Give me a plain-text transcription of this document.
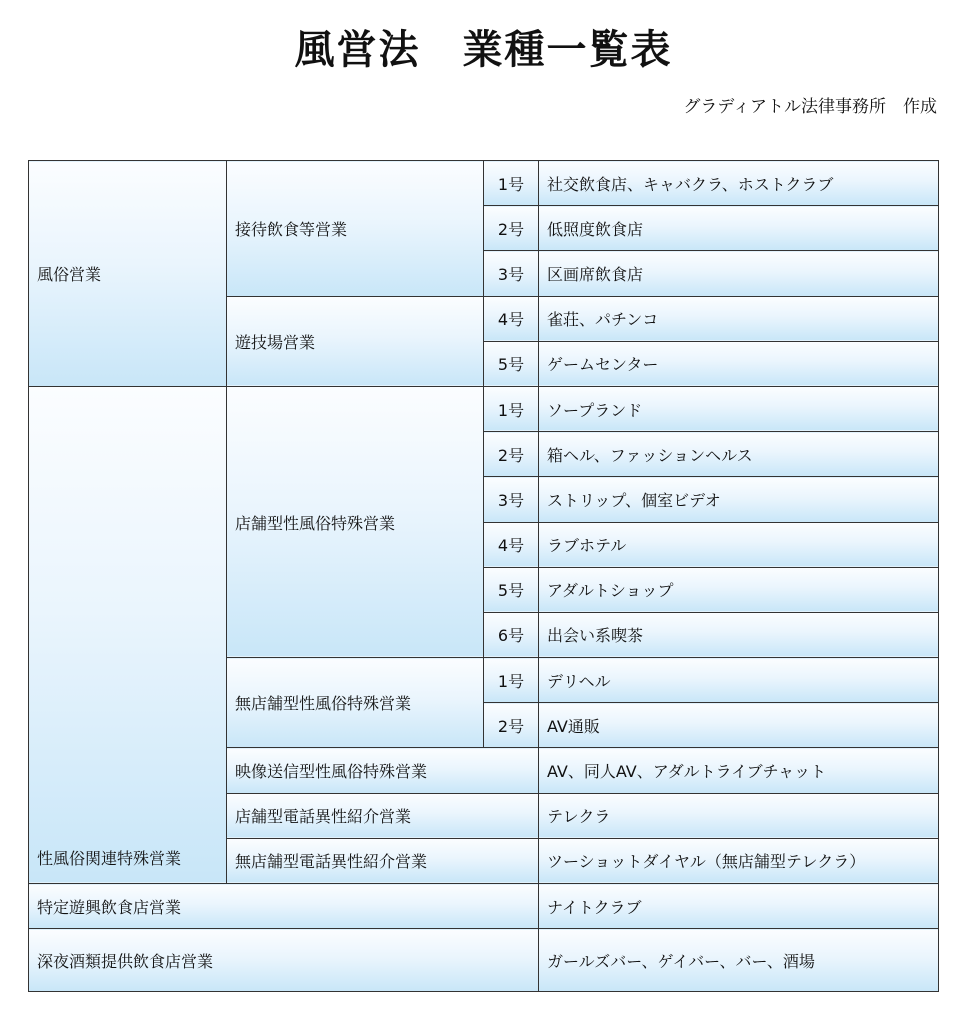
風営法　業種一覧表

グラディアトル法律事務所　作成

風俗営業	接待飲食等営業	1号	社交飲食店、キャバクラ、ホストクラブ
		2号	低照度飲食店
		3号	区画席飲食店
	遊技場営業	4号	雀荘、パチンコ
		5号	ゲームセンター
性風俗関連特殊営業	店舗型性風俗特殊営業	1号	ソープランド
		2号	箱ヘル、ファッションヘルス
		3号	ストリップ、個室ビデオ
		4号	ラブホテル
		5号	アダルトショップ
		6号	出会い系喫茶
	無店舗型性風俗特殊営業	1号	デリヘル
		2号	AV通販
	映像送信型性風俗特殊営業		AV、同人AV、アダルトライブチャット
	店舗型電話異性紹介営業		テレクラ
	無店舗型電話異性紹介営業		ツーショットダイヤル（無店舗型テレクラ）
特定遊興飲食店営業			ナイトクラブ
深夜酒類提供飲食店営業			ガールズバー、ゲイバー、バー、酒場
